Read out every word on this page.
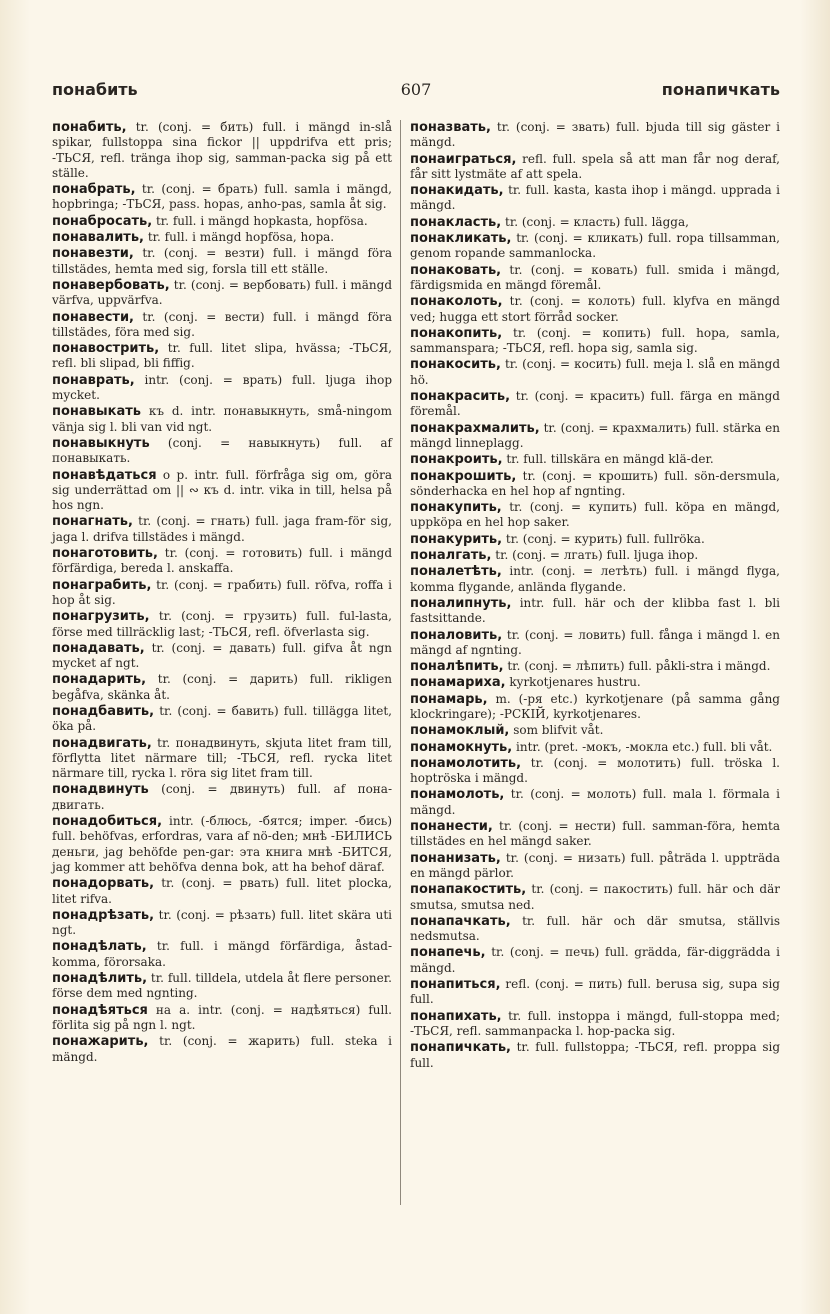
понабить	607	понапичкать

понабить, tr. (conj. = бить) full. i mängd in-slå spikar, fullstoppa sina fickor || uppdrifva ett pris; -ТЬСЯ, refl. tränga ihop sig, samman-packa sig på ett ställe.

понабрать, tr. (conj. = брать) full. samla i mängd, hopbringa; -ТЬСЯ, pass. hopas, anho-pas, samla åt sig.

понабросать, tr. full. i mängd hopkasta, hopfösa.

понавалить, tr. full. i mängd hopfösa, hopa.

понавезти, tr. (conj. = везти) full. i mängd föra tillstädes, hemta med sig, forsla till ett ställe.

понавербовать, tr. (conj. = вербовать) full. i mängd värfva, uppvärfva.

понавести, tr. (conj. = вести) full. i mängd föra tillstädes, föra med sig.

понавострить, tr. full. litet slipa, hvässa; -ТЬСЯ, refl. bli slipad, bli fiffig.

понаврать, intr. (conj. = врать) full. ljuga ihop mycket.

понавыкать къ d. intr. понавыкнуть, små-ningom vänja sig l. bli van vid ngt.

понавыкнуть (conj. = навыкнуть) full. af понавыкать.

понавѣдаться о p. intr. full. förfråga sig om, göra sig underrättad om || ∾ къ d. intr. vika in till, helsa på hos ngn.

понагнать, tr. (conj. = гнать) full. jaga fram-för sig, jaga l. drifva tillstädes i mängd.

понаготовить, tr. (conj. = готовить) full. i mängd förfärdiga, bereda l. anskaffa.

понаграбить, tr. (conj. = грабить) full. röfva, roffa i hop åt sig.

понагрузить, tr. (conj. = грузить) full. ful-lasta, förse med tillräcklig last; -ТЬСЯ, refl. öfverlasta sig.

понадавать, tr. (conj. = давать) full. gifva åt ngn mycket af ngt.

понадарить, tr. (conj. = дарить) full. rikligen begåfva, skänka åt.

понадбавить, tr. (conj. = бавить) full. tillägga litet, öka på.

понадвигать, tr. понадвинуть, skjuta litet fram till, förflytta litet närmare till; -ТЬСЯ, refl. rycka litet närmare till, rycka l. röra sig litet fram till.

понадвинуть (conj. = двинуть) full. af пона-двигать.

понадобиться, intr. (-блюсь, -бятся; imper. -бись) full. behöfvas, erfordras, vara af nö-den; мнѣ -БИЛИСЬ деньги, jag behöfde pen-gar: эта книга мнѣ -БИТСЯ, jag kommer att behöfva denna bok, att ha behof däraf.

понадорвать, tr. (conj. = рвать) full. litet plocka, litet rifva.

понадрѣзать, tr. (conj. = рѣзать) full. litet skära uti ngt.

понадѣлать, tr. full. i mängd förfärdiga, åstad-komma, förorsaka.

понадѣлить, tr. full. tilldela, utdela åt flere personer. förse dem med ngnting.

понадѣяться на a. intr. (conj. = надѣяться) full. förlita sig på ngn l. ngt.

понажарить, tr. (conj. = жарить) full. steka i mängd.

поназвать, tr. (conj. = звать) full. bjuda till sig gäster i mängd.

понаиграться, refl. full. spela så att man får nog deraf, får sitt lystmäte af att spela.

понакидать, tr. full. kasta, kasta ihop i mängd. upprada i mängd.

понакласть, tr. (conj. = класть) full. lägga,

понакликать, tr. (conj. = кликать) full. ropa tillsamman, genom ropande sammanlocka.

понаковать, tr. (conj. = ковать) full. smida i mängd, färdigsmida en mängd föremål.

понаколоть, tr. (conj. = колоть) full. klyfva en mängd ved; hugga ett stort förråd socker.

понакопить, tr. (conj. = копить) full. hopa, samla, sammanspara; -ТЬСЯ, refl. hopa sig, samla sig.

понакосить, tr. (conj. = косить) full. meja l. slå en mängd hö.

понакрасить, tr. (conj. = красить) full. färga en mängd föremål.

понакрахмалить, tr. (conj. = крахмалить) full. stärka en mängd linneplagg.

понакроить, tr. full. tillskära en mängd klä-der.

понакрошить, tr. (conj. = крошить) full. sön-dersmula, sönderhacka en hel hop af ngnting.

понакупить, tr. (conj. = купить) full. köpa en mängd, uppköpa en hel hop saker.

понакурить, tr. (conj. = курить) full. fullröka.

поналгать, tr. (conj. = лгать) full. ljuga ihop.

поналетѣть, intr. (conj. = летѣть) full. i mängd flyga, komma flygande, anlända flygande.

поналипнуть, intr. full. här och der klibba fast l. bli fastsittande.

поналовить, tr. (conj. = ловить) full. fånga i mängd l. en mängd af ngnting.

поналѣпить, tr. (conj. = лѣпить) full. påkli-stra i mängd.

понамариха, kyrkotjenares hustru.

понамарь, m. (-ря etc.) kyrkotjenare (på samma gång klockringare); -РСКІЙ, kyrkotjenares.

понамоклый, som blifvit våt.

понамокнуть, intr. (pret. -мокъ, -мокла etc.) full. bli våt.

понамолотить, tr. (conj. = молотить) full. tröska l. hoptröska i mängd.

понамолоть, tr. (conj. = молоть) full. mala l. förmala i mängd.

понанести, tr. (conj. = нести) full. samman-föra, hemta tillstädes en hel mängd saker.

понанизать, tr. (conj. = низать) full. påträda l. uppträda en mängd pärlor.

понапакостить, tr. (conj. = пакостить) full. här och där smutsa, smutsa ned.

понапачкать, tr. full. här och där smutsa, ställvis nedsmutsa.

понапечь, tr. (conj. = печь) full. grädda, fär-diggrädda i mängd.

понапиться, refl. (conj. = пить) full. berusa sig, supa sig full.

понапихать, tr. full. instoppa i mängd, full-stoppa med; -ТЬСЯ, refl. sammanpacka l. hop-packa sig.

понапичкать, tr. full. fullstoppa; -ТЬСЯ, refl. proppa sig full.
